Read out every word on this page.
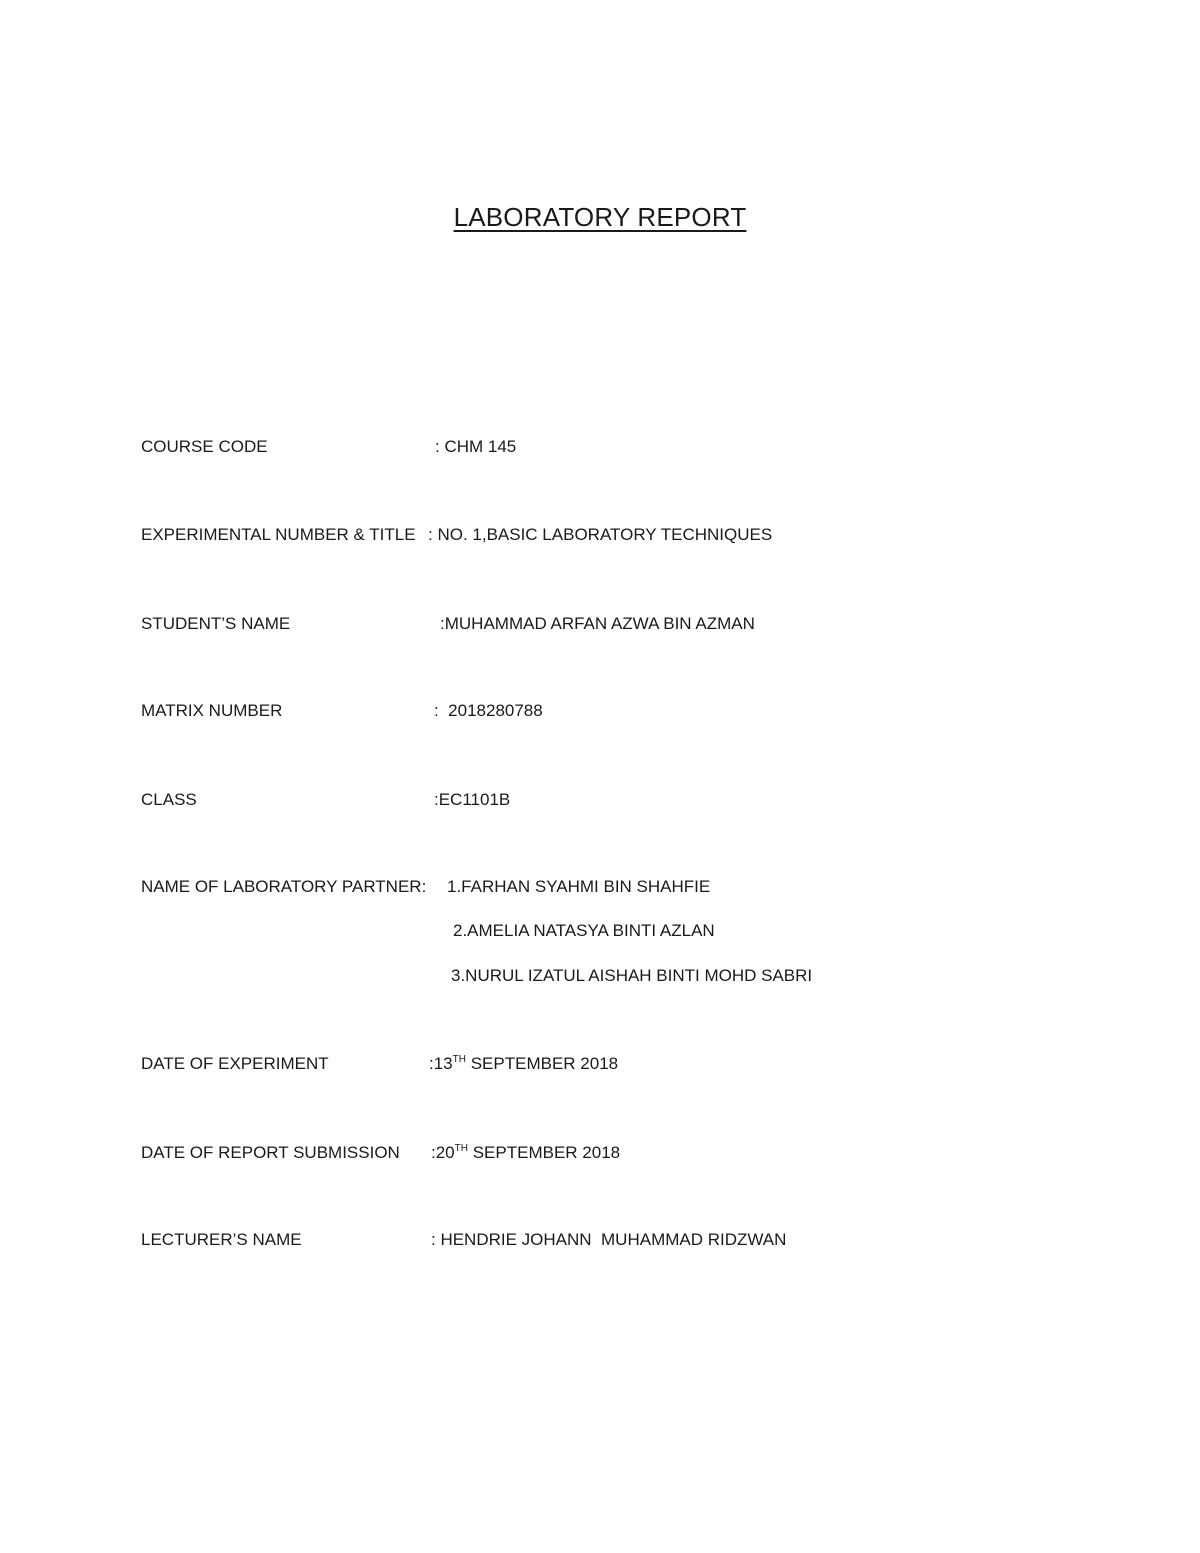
LABORATORY REPORT
COURSE CODE	: CHM 145
EXPERIMENTAL NUMBER & TITLE : NO. 1,BASIC LABORATORY TECHNIQUES
STUDENT’S NAME	:MUHAMMAD ARFAN AZWA BIN AZMAN
MATRIX NUMBER	:  2018280788
CLASS	:EC1101B
NAME OF LABORATORY PARTNER: 1.FARHAN SYAHMI BIN SHAHFIE
2.AMELIA NATASYA BINTI AZLAN
3.NURUL IZATUL AISHAH BINTI MOHD SABRI
DATE OF EXPERIMENT	:13TH SEPTEMBER 2018
DATE OF REPORT SUBMISSION :20TH SEPTEMBER 2018
LECTURER’S NAME	: HENDRIE JOHANN  MUHAMMAD RIDZWAN
